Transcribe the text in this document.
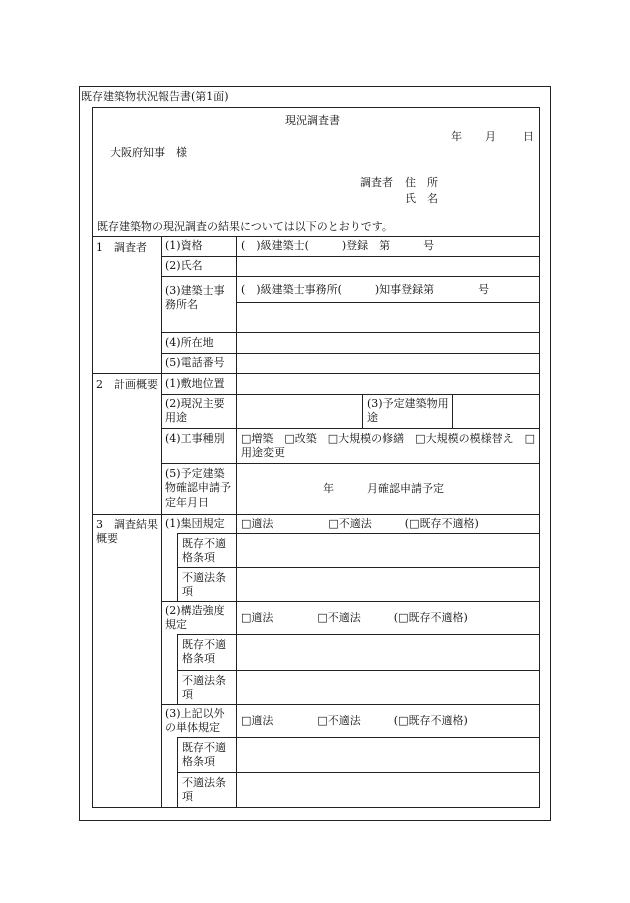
既存建築物状況報告書(第1面)
現況調査書
年 月 日
大阪府知事　様
調査者 住　所
氏　名
既存建築物の現況調査の結果については以下のとおりです。
1　調査者 (1)資格	(　)級建築士(　　　)登録　第　　　号
(2)氏名
(3)建築士事務所名
(　)級建築士事務所(　　　)知事登録第　　　　号
(4)所在地
(5)電話番号
2　計画概要 (1)敷地位置
(2)現況主要用途
(3)予定建築物用途
(4)工事種別 □増築　□改築　□大規模の修繕　□大規模の模様替え　□用途変更
(5)予定建築物確認申請予定年月日
年　　　月確認申請予定
3　調査結果概要
(1)集団規定 □適法　　　　　□不適法　　　(□既存不適格)
既存不適格条項
不適法条項
(2)構造強度規定
□適法　　　　□不適法　　　(□既存不適格)
既存不適格条項
不適法条項
(3)上記以外の単体規定
□適法　　　　□不適法　　　(□既存不適格)
既存不適格条項
不適法条項
